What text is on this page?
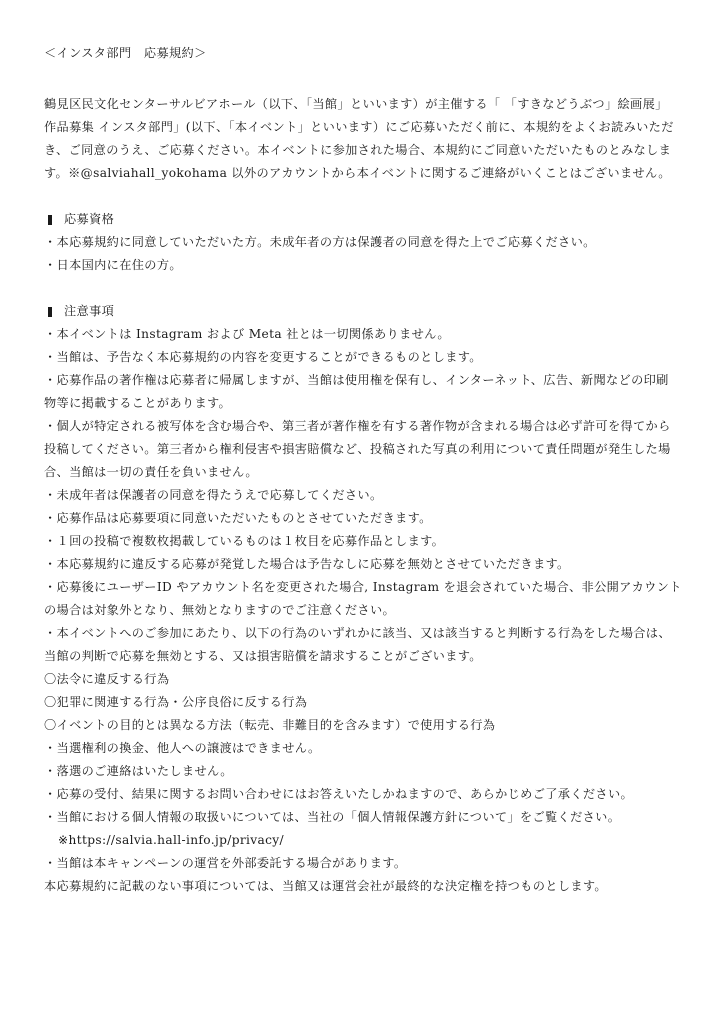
＜インスタ部門　応募規約＞
鶴見区民文化センターサルビアホール（以下、「当館」といいます）が主催する「 「すきなどうぶつ」絵画展」
作品募集 インスタ部門」(以下、「本イベント」といいます）にご応募いただく前に、本規約をよくお読みいただ
き、ご同意のうえ、ご応募ください。本イベントに参加された場合、本規約にご同意いただいたものとみなしま
す。※@salviahall_yokohama 以外のアカウントから本イベントに関するご連絡がいくことはございません。
応募資格
・本応募規約に同意していただいた方。未成年者の方は保護者の同意を得た上でご応募ください。
・日本国内に在住の方。
注意事項
・本イベントは Instagram および Meta 社とは一切関係ありません。
・当館は、予告なく本応募規約の内容を変更することができるものとします。
・応募作品の著作権は応募者に帰属しますが、当館は使用権を保有し、インターネット、広告、新聞などの印刷
物等に掲載することがあります。
・個人が特定される被写体を含む場合や、第三者が著作権を有する著作物が含まれる場合は必ず許可を得てから
投稿してください。第三者から権利侵害や損害賠償など、投稿された写真の利用について責任問題が発生した場
合、当館は一切の責任を負いません。
・未成年者は保護者の同意を得たうえで応募してください。
・応募作品は応募要項に同意いただいたものとさせていただきます。
・１回の投稿で複数枚掲載しているものは１枚目を応募作品とします。
・本応募規約に違反する応募が発覚した場合は予告なしに応募を無効とさせていただきます。
・応募後にユーザーID やアカウント名を変更された場合, Instagram を退会されていた場合、非公開アカウント
の場合は対象外となり、無効となりますのでご注意ください。
・本イベントへのご参加にあたり、以下の行為のいずれかに該当、又は該当すると判断する行為をした場合は、
当館の判断で応募を無効とする、又は損害賠償を請求することがございます。
〇法令に違反する行為
〇犯罪に関連する行為・公序良俗に反する行為
〇イベントの目的とは異なる方法（転売、非難目的を含みます）で使用する行為
・当選権利の換金、他人への譲渡はできません。
・落選のご連絡はいたしません。
・応募の受付、結果に関するお問い合わせにはお答えいたしかねますので、あらかじめご了承ください。
・当館における個人情報の取扱いについては、当社の「個人情報保護方針について」をご覧ください。
※https://salvia.hall-info.jp/privacy/
・当館は本キャンペーンの運営を外部委託する場合があります。
本応募規約に記載のない事項については、当館又は運営会社が最終的な決定権を持つものとします。
